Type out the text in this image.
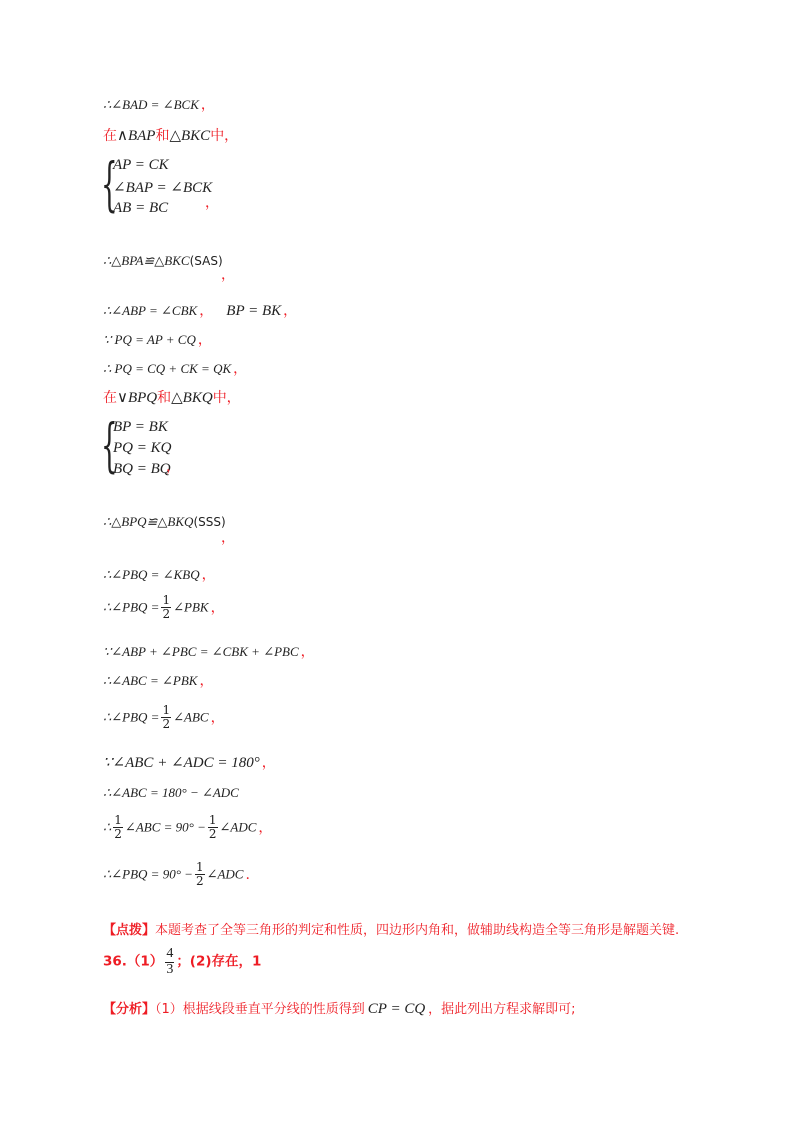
∴∠BAD = ∠BCK ，
在∧BAP和△BKC中，
{
AP = CK
∠BAP = ∠BCK
AB = BC	，
∴△BPA≌△BKC(SAS)
，
∴∠ABP = ∠CBK ， BP = BK ，
∵ PQ = AP + CQ ，
∴ PQ = CQ + CK = QK ，
在∨BPQ和△BKQ中，
{
BP = BK
PQ = KQ
BQ = BQ
，
∴△BPQ≌△BKQ(SSS)
，
∴∠PBQ = ∠KBQ ，
∴∠PBQ = $\frac{1}{2}$ ∠PBK ，
∵∠ABP + ∠PBC = ∠CBK + ∠PBC ，
∴∠ABC = ∠PBK ，
∴∠PBQ = $\frac{1}{2}$ ∠ABC ，
∵∠ABC + ∠ADC = 180° ，
∴∠ABC = 180° − ∠ADC
∴ $\frac{1}{2}$ ∠ABC = $90^\circ - \frac{1}{2}$ ∠ADC ，
∴∠PBQ = $90^\circ - \frac{1}{2}$ ∠ADC .
【点拨】本题考查了全等三角形的判定和性质，四边形内角和，做辅助线构造全等三角形是解题关键.
$36.(1) \frac{4}{3}$ ；(2)存在，1
【分析】（1）根据线段垂直平分线的性质得到 CP = CQ ，据此列出方程求解即可;
